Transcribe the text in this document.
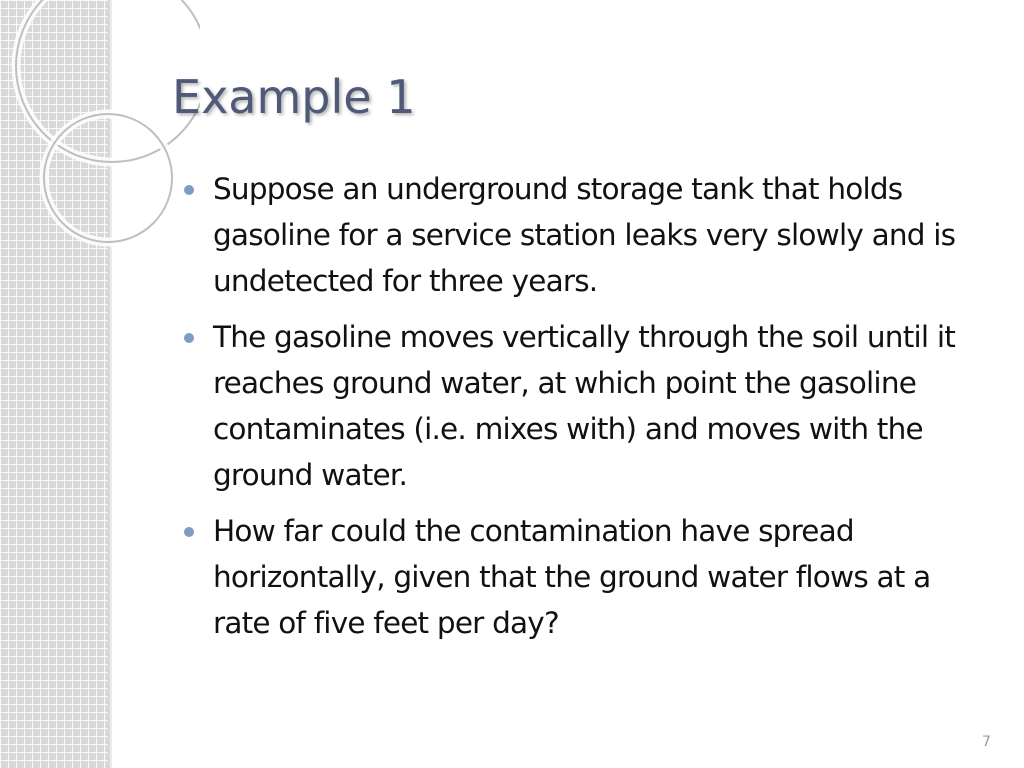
Example 1
Suppose an underground storage tank that holds gasoline for a service station leaks very slowly and is undetected for three years.
The gasoline moves vertically through the soil until it reaches ground water, at which point the gasoline contaminates (i.e. mixes with) and moves with the ground water.
How far could the contamination have spread horizontally, given that the ground water flows at a rate of five feet per day?
7
